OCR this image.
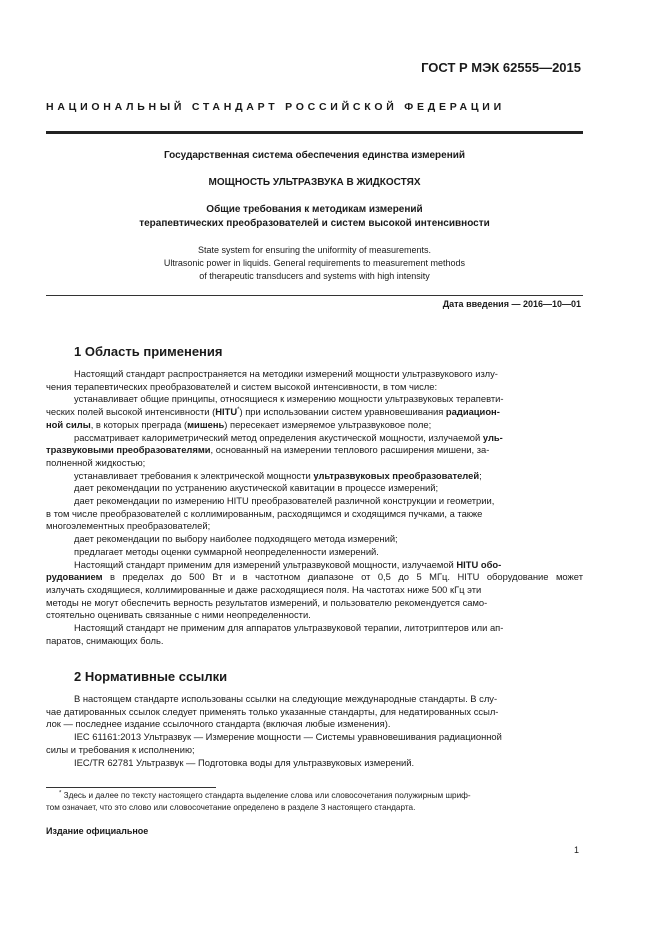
ГОСТ Р МЭК 62555—2015
НАЦИОНАЛЬНЫЙ СТАНДАРТ РОССИЙСКОЙ ФЕДЕРАЦИИ
Государственная система обеспечения единства измерений
МОЩНОСТЬ УЛЬТРАЗВУКА В ЖИДКОСТЯХ
Общие требования к методикам измерений
терапевтических преобразователей и систем высокой интенсивности
State system for ensuring the uniformity of measurements.
Ultrasonic power in liquids. General requirements to measurement methods
of therapeutic transducers and systems with high intensity
Дата введения — 2016—10—01
1 Область применения

Настоящий стандарт распространяется на методики измерений мощности ультразвукового излу-

чения терапевтических преобразователей и систем высокой интенсивности, в том числе:

устанавливает общие принципы, относящиеся к измерению мощности ультразвуковых терапевти-

ческих полей высокой интенсивности (HITU*) при использовании систем уравновешивания радиацион-

ной силы, в которых преграда (мишень) пересекает измеряемое ультразвуковое поле;

рассматривает калориметрический метод определения акустической мощности, излучаемой уль-

тразвуковыми преобразователями, основанный на измерении теплового расширения мишени, за-

полненной жидкостью;

устанавливает требования к электрической мощности ультразвуковых преобразователей;

дает рекомендации по устранению акустической кавитации в процессе измерений;

дает рекомендации по измерению HITU преобразователей различной конструкции и геометрии,

в том числе преобразователей с коллимированным, расходящимся и сходящимся пучками, а также

многоэлементных преобразователей;

дает рекомендации по выбору наиболее подходящего метода измерений;

предлагает методы оценки суммарной неопределенности измерений.

Настоящий стандарт применим для измерений ультразвуковой мощности, излучаемой HITU обо-

рудованием в пределах до 500 Вт и в частотном диапазоне от 0,5 до 5 МГц. HITU оборудование может

излучать сходящиеся, коллимированные и даже расходящиеся поля. На частотах ниже 500 кГц эти

методы не могут обеспечить верность результатов измерений, и пользователю рекомендуется само-

стоятельно оценивать связанные с ними неопределенности.

Настоящий стандарт не применим для аппаратов ультразвуковой терапии, литотриптеров или ап-

паратов, снимающих боль.

2 Нормативные ссылки

В настоящем стандарте использованы ссылки на следующие международные стандарты. В слу-

чае датированных ссылок следует применять только указанные стандарты, для недатированных ссыл-

лок — последнее издание ссылочного стандарта (включая любые изменения).

IEC 61161:2013 Ультразвук — Измерение мощности — Системы уравновешивания радиационной

силы и требования к исполнению;

IEC/TR 62781 Ультразвук — Подготовка воды для ультразвуковых измерений.

* Здесь и далее по тексту настоящего стандарта выделение слова или словосочетания полужирным шриф-

том означает, что это слово или словосочетание определено в разделе 3 настоящего стандарта.

Издание официальное
1
